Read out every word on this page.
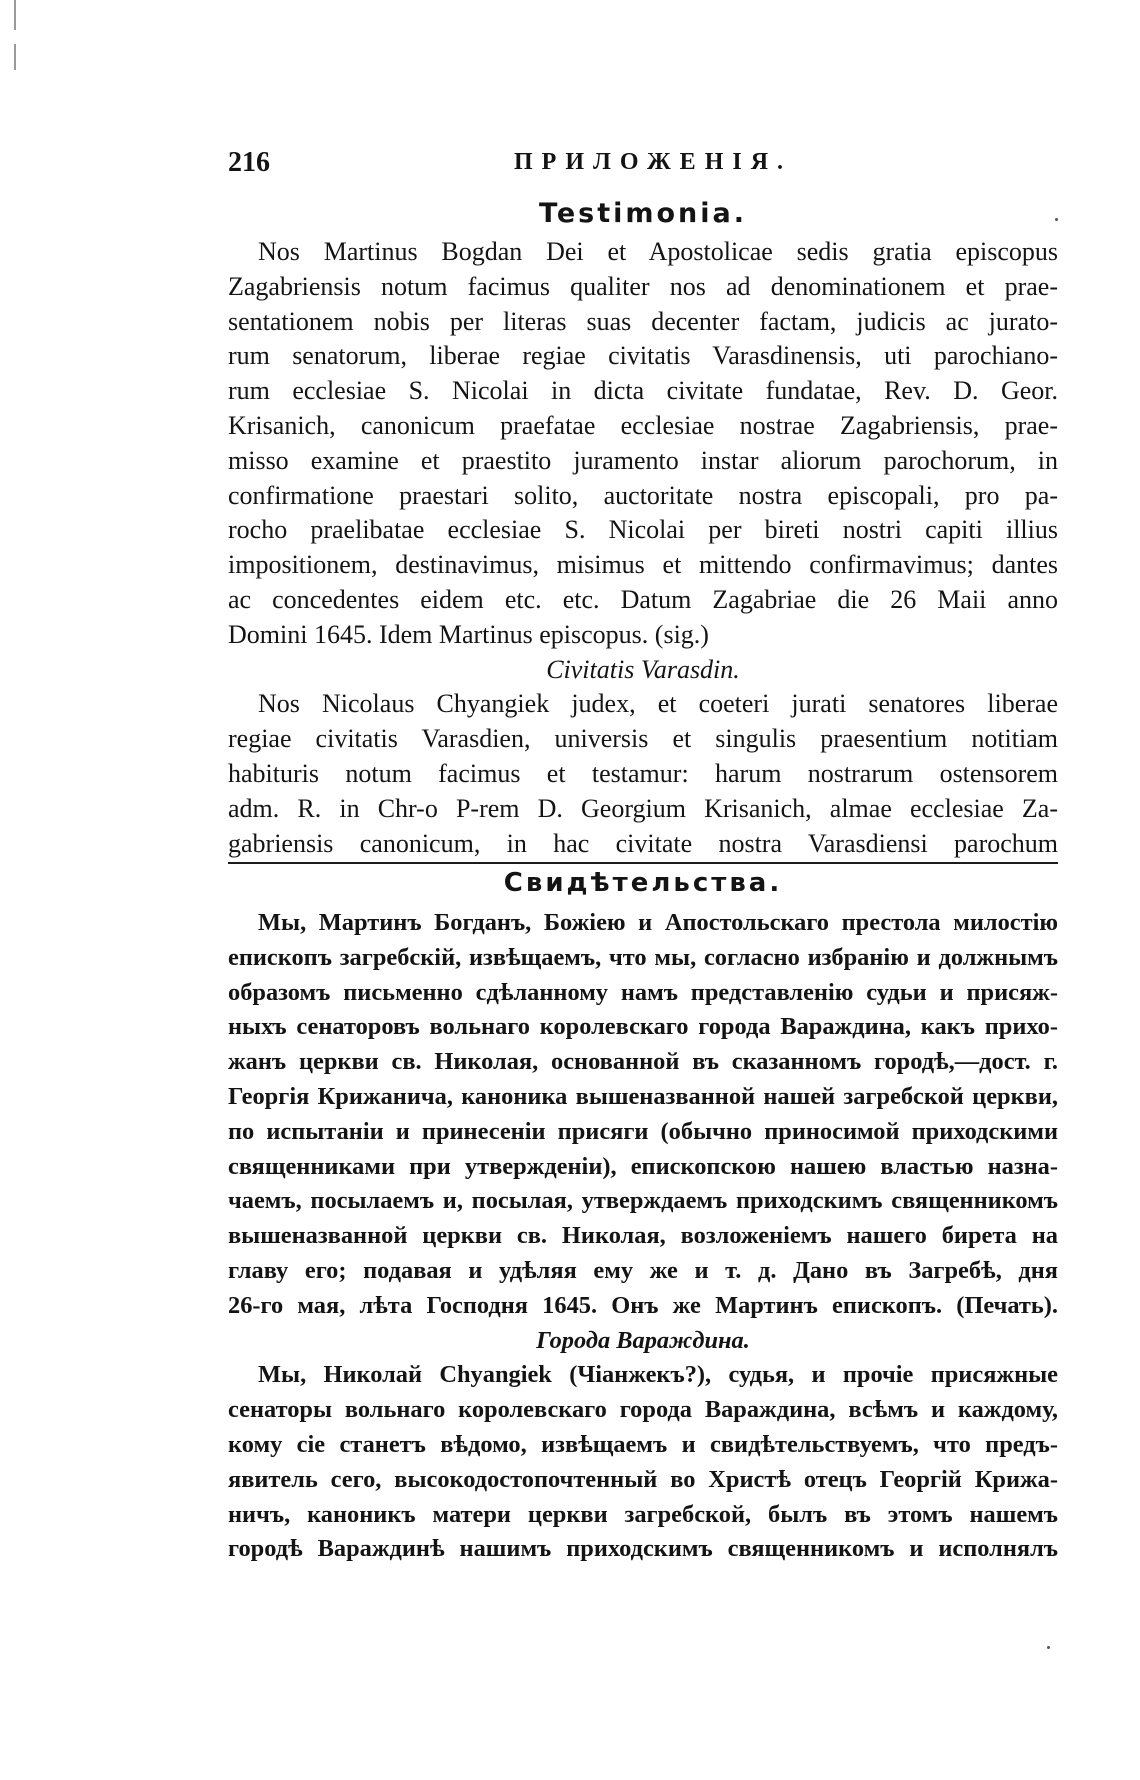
216	ПРИЛОЖЕНІЯ.
Testimonia.
Nos Martinus Bogdan Dei et Apostolicae sedis gratia episcopus
Zagabriensis notum facimus qualiter nos ad denominationem et prae-
sentationem nobis per literas suas decenter factam, judicis ac jurato-
rum senatorum, liberae regiae civitatis Varasdinensis, uti parochiano-
rum ecclesiae S. Nicolai in dicta civitate fundatae, Rev. D. Geor.
Krisanich, canonicum praefatae ecclesiae nostrae Zagabriensis, prae-
misso examine et praestito juramento instar aliorum parochorum, in
confirmatione praestari solito, auctoritate nostra episcopali, pro pa-
rocho praelibatae ecclesiae S. Nicolai per bireti nostri capiti illius
impositionem, destinavimus, misimus et mittendo confirmavimus; dantes
ac concedentes eidem etc. etc. Datum Zagabriae die 26 Maii anno
Domini 1645. Idem Martinus episcopus. (sig.)
Civitatis Varasdin.
Nos Nicolaus Chyangiek judex, et coeteri jurati senatores liberae
regiae civitatis Varasdien, universis et singulis praesentium notitiam
habituris notum facimus et testamur: harum nostrarum ostensorem
adm. R. in Chr-o P-rem D. Georgium Krisanich, almae ecclesiae Za-
gabriensis canonicum, in hac civitate nostra Varasdiensi parochum
Свидѣтельства.
Мы, Мартинъ Богданъ, Божіею и Апостольскаго престола милостію
епископъ загребскій, извѣщаемъ, что мы, согласно избранію и должнымъ
образомъ письменно сдѣланному намъ представленію судьи и присяж-
ныхъ сенаторовъ вольнаго королевскаго города Вараждина, какъ прихо-
жанъ церкви св. Николая, основанной въ сказанномъ городѣ,—дост. г.
Георгія Крижанича, каноника вышеназванной нашей загребской церкви,
по испытаніи и принесеніи присяги (обычно приносимой приходскими
священниками при утвержденіи), епископскою нашею властью назна-
чаемъ, посылаемъ и, посылая, утверждаемъ приходскимъ священникомъ
вышеназванной церкви св. Николая, возложеніемъ нашего бирета на
главу его; подавая и удѣляя ему же и т. д. Дано въ Загребѣ, дня
26-го мая, лѣта Господня 1645. Онъ же Мартинъ епископъ. (Печать).
Города Вараждина.
Мы, Николай Chyangiek (Чіанжекъ?), судья, и прочіе присяжные
сенаторы вольнаго королевскаго города Вараждина, всѣмъ и каждому,
кому сіе станетъ вѣдомо, извѣщаемъ и свидѣтельствуемъ, что предъ-
явитель сего, высокодостопочтенный во Христѣ отецъ Георгій Крижа-
ничъ, каноникъ матери церкви загребской, былъ въ этомъ нашемъ
городѣ Вараждинѣ нашимъ приходскимъ священникомъ и исполнялъ
